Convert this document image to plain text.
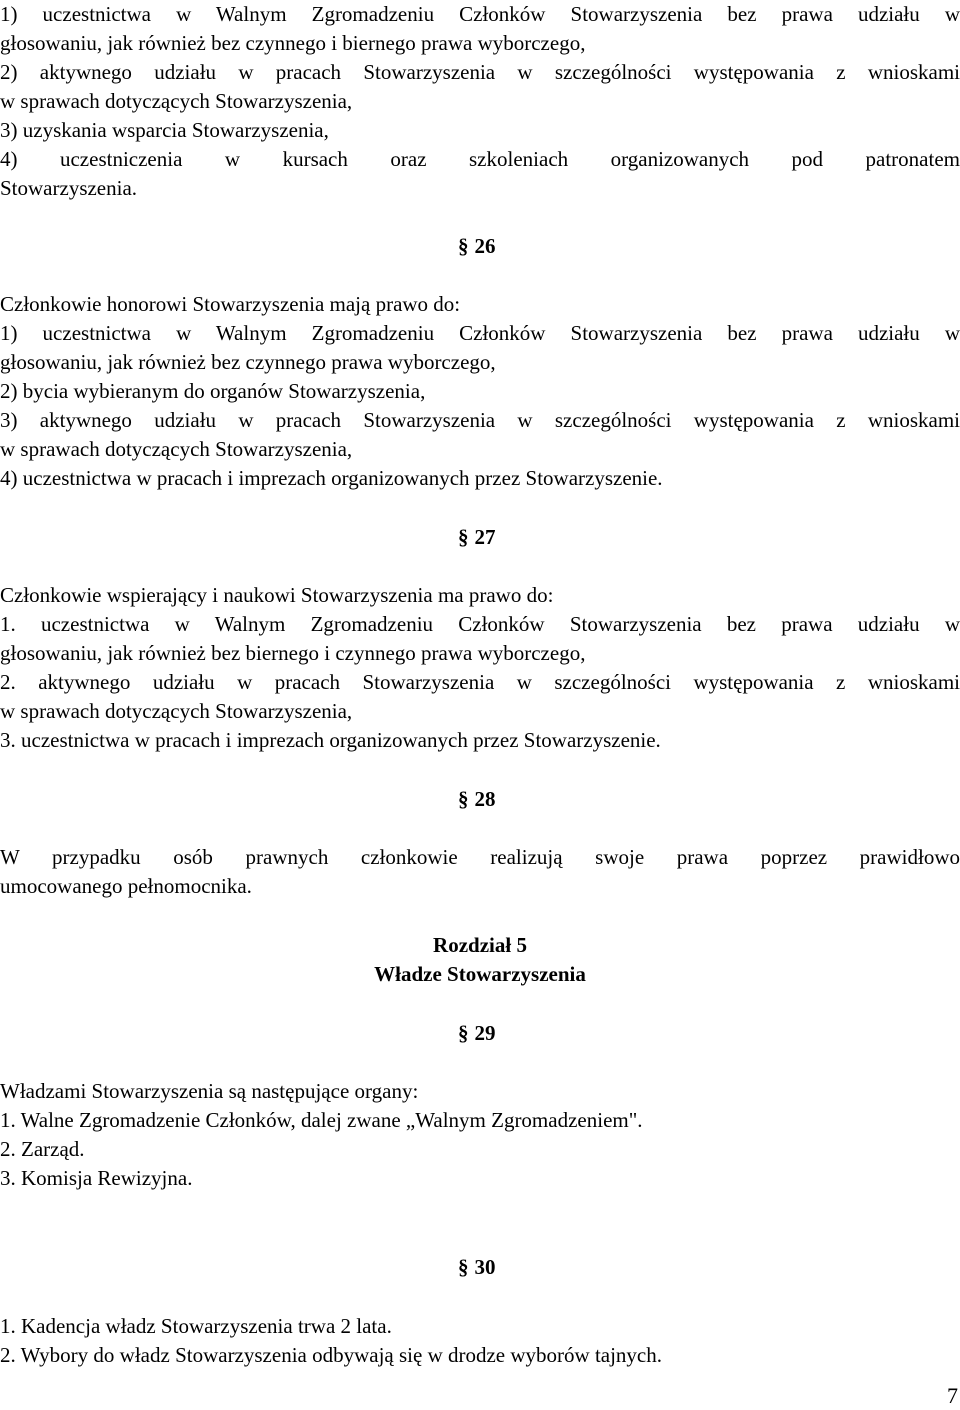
1) uczestnictwa w Walnym Zgromadzeniu Członków Stowarzyszenia bez prawa udziału w
głosowaniu, jak również bez czynnego i biernego prawa wyborczego,
2) aktywnego udziału w pracach Stowarzyszenia w szczególności występowania z wnioskami
w sprawach dotyczących Stowarzyszenia,
3) uzyskania wsparcia Stowarzyszenia,
4) uczestniczenia w kursach oraz szkoleniach organizowanych pod patronatem
Stowarzyszenia.
§ 26
Członkowie honorowi Stowarzyszenia mają prawo do:
1) uczestnictwa w Walnym Zgromadzeniu Członków Stowarzyszenia bez prawa udziału w
głosowaniu, jak również bez czynnego prawa wyborczego,
2) bycia wybieranym do organów Stowarzyszenia,
3) aktywnego udziału w pracach Stowarzyszenia w szczególności występowania z wnioskami
w sprawach dotyczących Stowarzyszenia,
4) uczestnictwa w pracach i imprezach organizowanych przez Stowarzyszenie.
§ 27
Członkowie wspierający i naukowi Stowarzyszenia ma prawo do:
1. uczestnictwa w Walnym Zgromadzeniu Członków Stowarzyszenia bez prawa udziału w
głosowaniu, jak również bez biernego i czynnego prawa wyborczego,
2. aktywnego udziału w pracach Stowarzyszenia w szczególności występowania z wnioskami
w sprawach dotyczących Stowarzyszenia,
3. uczestnictwa w pracach i imprezach organizowanych przez Stowarzyszenie.
§ 28
W przypadku osób prawnych członkowie realizują swoje prawa poprzez prawidłowo
umocowanego pełnomocnika.
Rozdział 5
Władze Stowarzyszenia
§ 29
Władzami Stowarzyszenia są następujące organy:
1. Walne Zgromadzenie Członków, dalej zwane „Walnym Zgromadzeniem".
2. Zarząd.
3. Komisja Rewizyjna.
§ 30
1. Kadencja władz Stowarzyszenia trwa 2 lata.
2. Wybory do władz Stowarzyszenia odbywają się w drodze wyborów tajnych.
7
